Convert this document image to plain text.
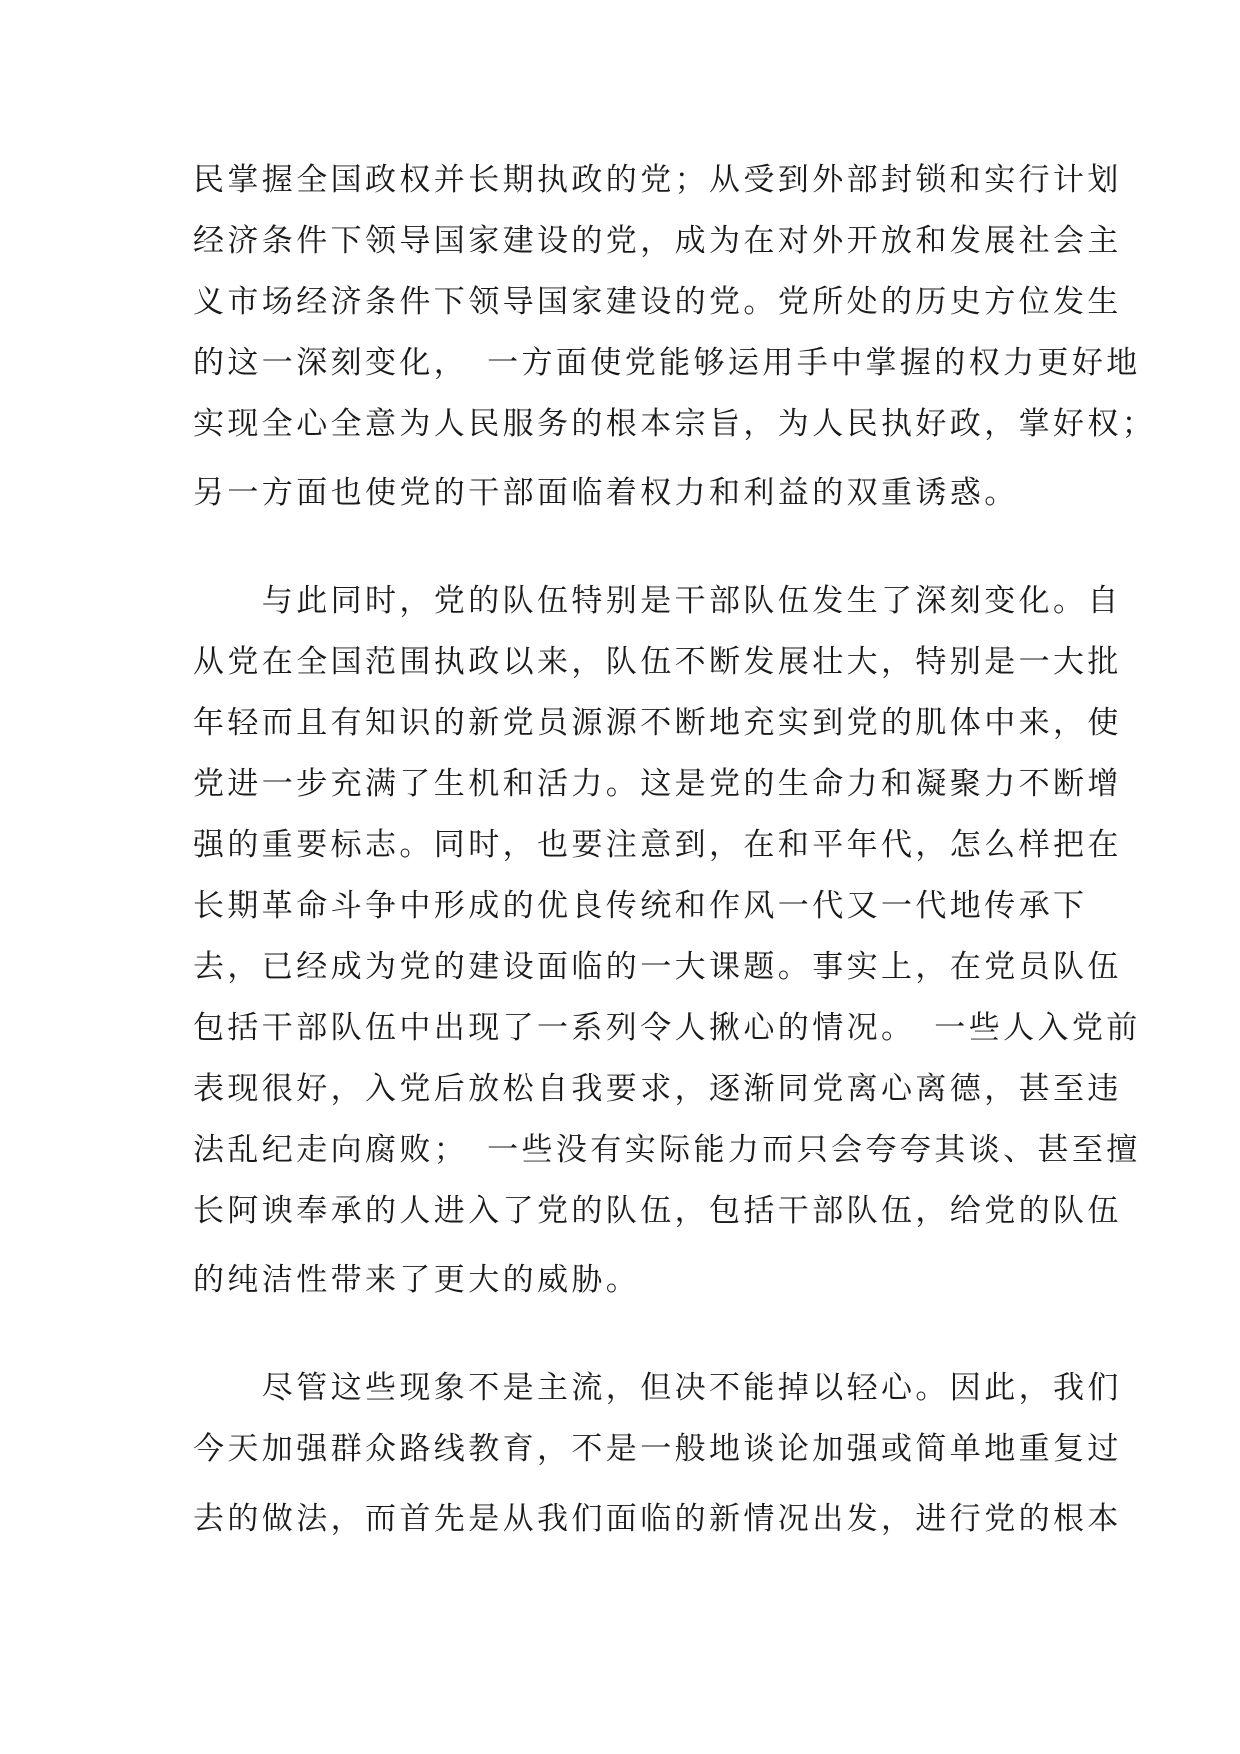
民掌握全国政权并长期执政的党；从受到外部封锁和实行计划
经济条件下领导国家建设的党，成为在对外开放和发展社会主
义市场经济条件下领导国家建设的党。党所处的历史方位发生
的这一深刻变化，　一方面使党能够运用手中掌握的权力更好地
实现全心全意为人民服务的根本宗旨，为人民执好政，掌好权；
另一方面也使党的干部面临着权力和利益的双重诱惑。

　　与此同时，党的队伍特别是干部队伍发生了深刻变化。自
从党在全国范围执政以来，队伍不断发展壮大，特别是一大批
年轻而且有知识的新党员源源不断地充实到党的肌体中来，使
党进一步充满了生机和活力。这是党的生命力和凝聚力不断增
强的重要标志。同时，也要注意到，在和平年代，怎么样把在
长期革命斗争中形成的优良传统和作风一代又一代地传承下
去，已经成为党的建设面临的一大课题。事实上，在党员队伍
包括干部队伍中出现了一系列令人揪心的情况。　一些人入党前
表现很好，入党后放松自我要求，逐渐同党离心离德，甚至违
法乱纪走向腐败；　一些没有实际能力而只会夸夸其谈、甚至擅
长阿谀奉承的人进入了党的队伍，包括干部队伍，给党的队伍
的纯洁性带来了更大的威胁。

　　尽管这些现象不是主流，但决不能掉以轻心。因此，我们
今天加强群众路线教育，不是一般地谈论加强或简单地重复过
去的做法，而首先是从我们面临的新情况出发，进行党的根本
